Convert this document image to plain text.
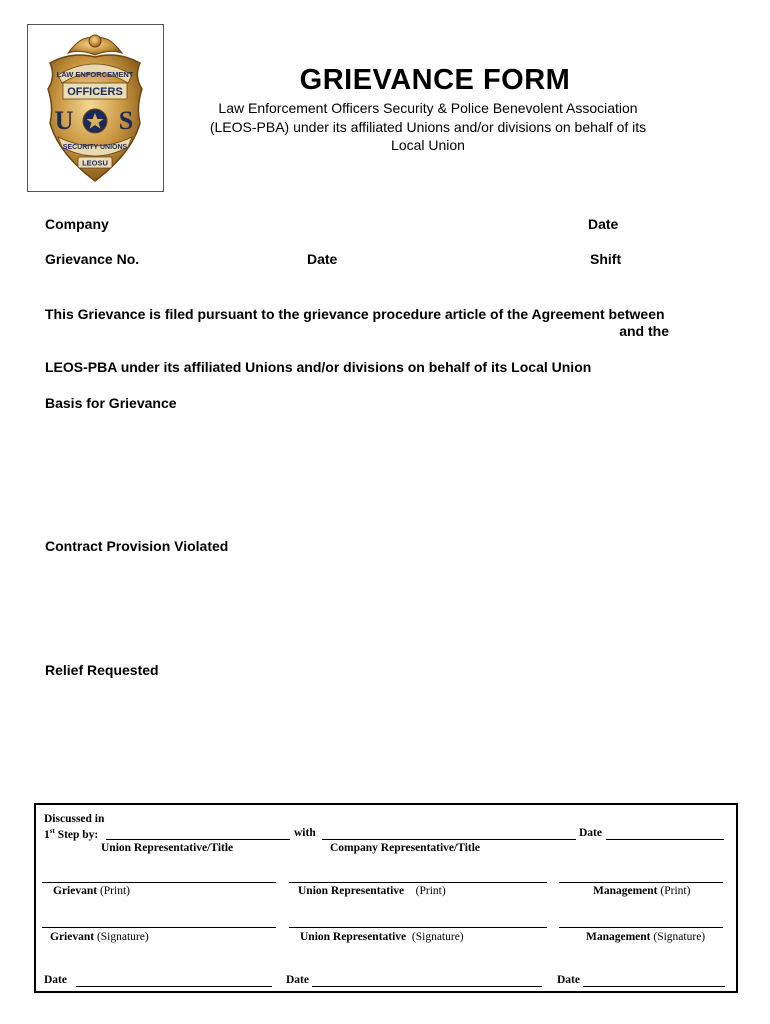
LAW ENFORCEMENT
OFFICERS
U S
SECURITY UNIONS
LEOSU
GRIEVANCE FORM
Law Enforcement Officers Security & Police Benevolent Association
(LEOS-PBA) under its affiliated Unions and/or divisions on behalf of its
Local Union
Company	Date
Grievance No.	Date	Shift
This Grievance is filed pursuant to the grievance procedure article of the Agreement between
and the
LEOS-PBA under its affiliated Unions and/or divisions on behalf of its Local Union
Basis for Grievance
Contract Provision Violated
Relief Requested
Discussed in
1st Step by:	with	Date
Union Representative/Title	Company Representative/Title
Grievant (Print)	Union Representative (Print)	Management (Print)
Grievant (Signature)	Union Representative (Signature)	Management (Signature)
Date	Date	Date
